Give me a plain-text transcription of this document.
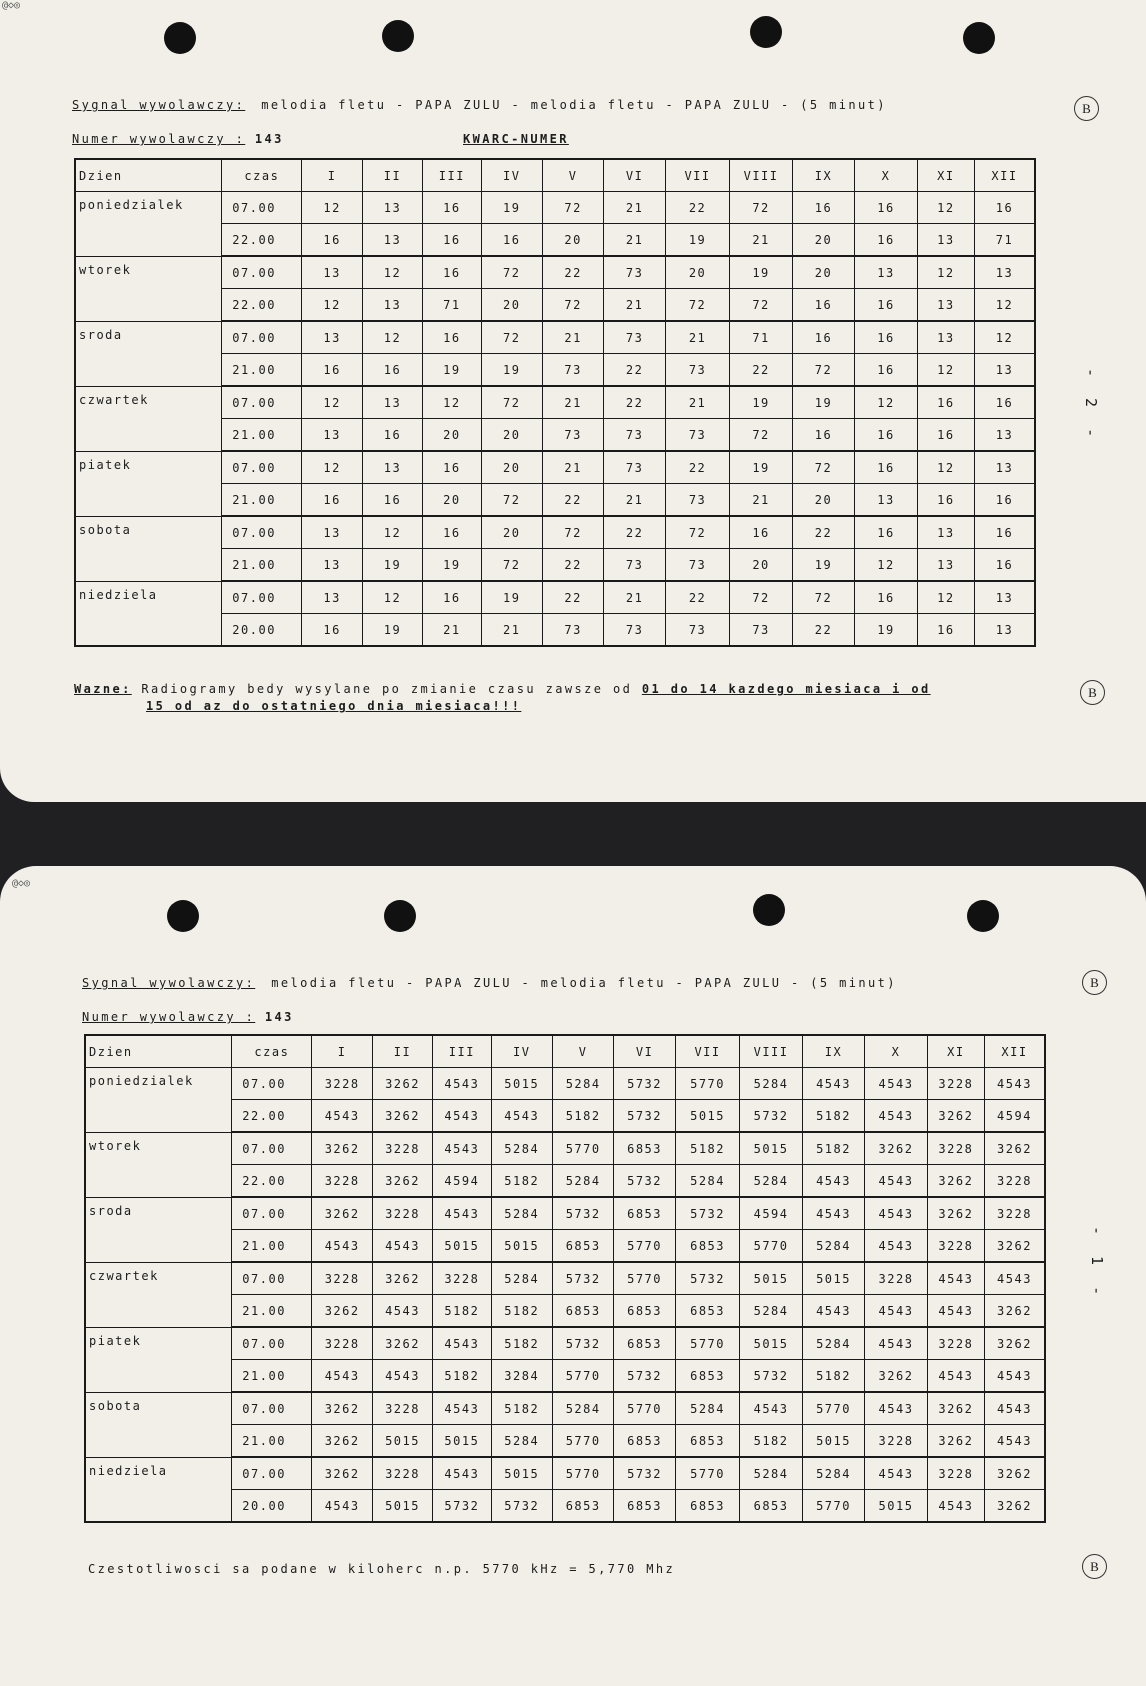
@◇◎
Sygnal wywolawczy: melodia fletu - PAPA ZULU - melodia fletu - PAPA ZULU - (5 minut)
Numer wywolawczy : 143	KWARC-NUMER
Dzien	czas	I	II	III	IV	V	VI	VII	VIII	IX	X	XI	XII
poniedzialek	07.00	12	13	16	19	72	21	22	72	16	16	12	16
	22.00	16	13	16	16	20	21	19	21	20	16	13	71
wtorek	07.00	13	12	16	72	22	73	20	19	20	13	12	13
	22.00	12	13	71	20	72	21	72	72	16	16	13	12
sroda	07.00	13	12	16	72	21	73	21	71	16	16	13	12
	21.00	16	16	19	19	73	22	73	22	72	16	12	13
czwartek	07.00	12	13	12	72	21	22	21	19	19	12	16	16
	21.00	13	16	20	20	73	73	73	72	16	16	16	13
piatek	07.00	12	13	16	20	21	73	22	19	72	16	12	13
	21.00	16	16	20	72	22	21	73	21	20	13	16	16
sobota	07.00	13	12	16	20	72	22	72	16	22	16	13	16
	21.00	13	19	19	72	22	73	73	20	19	12	13	16
niedziela	07.00	13	12	16	19	22	21	22	72	72	16	12	13
	20.00	16	19	21	21	73	73	73	73	22	19	16	13
Wazne: Radiogramy bedy wysylane po zmianie czasu zawsze od 01 do 14 kazdego miesiaca i od
15 od az do ostatniego dnia miesiaca!!!
- 2 -
B
B
@◇◎
Sygnal wywolawczy: melodia fletu - PAPA ZULU - melodia fletu - PAPA ZULU - (5 minut)
Numer wywolawczy : 143
Dzien	czas	I	II	III	IV	V	VI	VII	VIII	IX	X	XI	XII
poniedzialek	07.00	3228	3262	4543	5015	5284	5732	5770	5284	4543	4543	3228	4543
	22.00	4543	3262	4543	4543	5182	5732	5015	5732	5182	4543	3262	4594
wtorek	07.00	3262	3228	4543	5284	5770	6853	5182	5015	5182	3262	3228	3262
	22.00	3228	3262	4594	5182	5284	5732	5284	5284	4543	4543	3262	3228
sroda	07.00	3262	3228	4543	5284	5732	6853	5732	4594	4543	4543	3262	3228
	21.00	4543	4543	5015	5015	6853	5770	6853	5770	5284	4543	3228	3262
czwartek	07.00	3228	3262	3228	5284	5732	5770	5732	5015	5015	3228	4543	4543
	21.00	3262	4543	5182	5182	6853	6853	6853	5284	4543	4543	4543	3262
piatek	07.00	3228	3262	4543	5182	5732	6853	5770	5015	5284	4543	3228	3262
	21.00	4543	4543	5182	3284	5770	5732	6853	5732	5182	3262	4543	4543
sobota	07.00	3262	3228	4543	5182	5284	5770	5284	4543	5770	4543	3262	4543
	21.00	3262	5015	5015	5284	5770	6853	6853	5182	5015	3228	3262	4543
niedziela	07.00	3262	3228	4543	5015	5770	5732	5770	5284	5284	4543	3228	3262
	20.00	4543	5015	5732	5732	6853	6853	6853	6853	5770	5015	4543	3262
Czestotliwosci sa podane w kiloherc n.p. 5770 kHz = 5,770 Mhz
- 1 -
B
B
